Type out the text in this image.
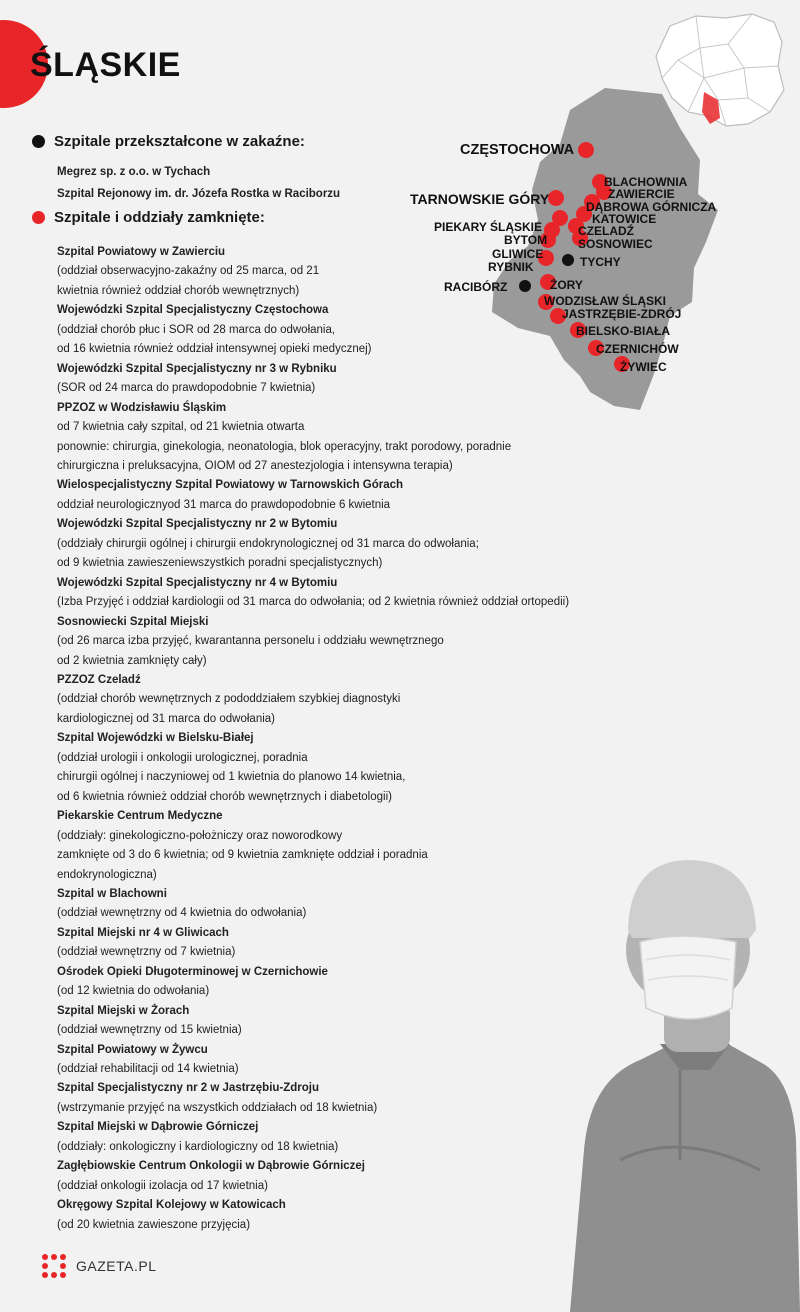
ŚLĄSKIE
CZĘSTOCHOWA
BLACHOWNIA
ZAWIERCIE
DĄBROWA GÓRNICZA
TARNOWSKIE GÓRY
KATOWICE
PIEKARY ŚLĄSKIE	CZELADŹ
BYTOM	SOSNOWIEC
GLIWICE
RYBNIK	TYCHY
RACIBÓRZ	ŻORY
WODZISŁAW ŚLĄSKI
JASTRZĘBIE-ZDRÓJ
BIELSKO-BIAŁA
CZERNICHÓW
ŻYWIEC
Szpitale przekształcone w zakaźne:
Megrez sp. z o.o. w Tychach
Szpital Rejonowy im. dr. Józefa Rostka w Raciborzu
Szpitale i oddziały zamknięte:
Szpital Powiatowy w Zawierciu
(oddział obserwacyjno-zakaźny od 25 marca, od 21
kwietnia również oddział chorób wewnętrznych)
Wojewódzki Szpital Specjalistyczny Częstochowa
(oddział chorób płuc i SOR od 28 marca do odwołania,
od 16 kwietnia również oddział intensywnej opieki medycznej)
Wojewódzki Szpital Specjalistyczny nr 3 w Rybniku
(SOR od 24 marca do prawdopodobnie 7 kwietnia)
PPZOZ w Wodzisławiu Śląskim
od 7 kwietnia cały szpital, od 21 kwietnia otwarta
ponownie: chirurgia, ginekologia, neonatologia, blok operacyjny, trakt porodowy, poradnie
chirurgiczna i preluksacyjna, OIOM od 27 anestezjologia i intensywna terapia)
Wielospecjalistyczny Szpital Powiatowy w Tarnowskich Górach
oddział neurologicznyod 31 marca do prawdopodobnie 6 kwietnia
Wojewódzki Szpital Specjalistyczny nr 2 w Bytomiu
(oddziały chirurgii ogólnej i chirurgii endokrynologicznej od 31 marca do odwołania;
od 9 kwietnia zawieszeniewszystkich poradni specjalistycznych)
Wojewódzki Szpital Specjalistyczny nr 4 w Bytomiu
(Izba Przyjęć i oddział kardiologii od 31 marca do odwołania; od 2 kwietnia również oddział ortopedii)
Sosnowiecki Szpital Miejski
(od 26 marca izba przyjęć, kwarantanna personelu i oddziału wewnętrznego
od 2 kwietnia zamknięty cały)
PZZOZ Czeladź
(oddział chorób wewnętrznych z pododdziałem szybkiej diagnostyki
kardiologicznej od 31 marca do odwołania)
Szpital Wojewódzki w Bielsku-Białej
(oddział urologii i onkologii urologicznej, poradnia
chirurgii ogólnej i naczyniowej od 1 kwietnia do planowo 14 kwietnia,
od 6 kwietnia również oddział chorób wewnętrznych i diabetologii)
Piekarskie Centrum Medyczne
(oddziały: ginekologiczno-położniczy oraz noworodkowy
zamknięte od 3 do 6 kwietnia; od 9 kwietnia zamknięte oddział i poradnia
endokrynologiczna)
Szpital w Blachowni
(oddział wewnętrzny od 4 kwietnia do odwołania)
Szpital Miejski nr 4 w Gliwicach
(oddział wewnętrzny od 7 kwietnia)
Ośrodek Opieki Długoterminowej w Czernichowie
(od 12 kwietnia do odwołania)
Szpital Miejski w Żorach
(oddział wewnętrzny od 15 kwietnia)
Szpital Powiatowy w Żywcu
(oddział rehabilitacji od 14 kwietnia)
Szpital Specjalistyczny nr 2 w Jastrzębiu-Zdroju
(wstrzymanie przyjęć na wszystkich oddziałach od 18 kwietnia)
Szpital Miejski w Dąbrowie Górniczej
(oddziały: onkologiczny i kardiologiczny od 18 kwietnia)
Zagłębiowskie Centrum Onkologii w Dąbrowie Górniczej
(oddział onkologii izolacja od 17 kwietnia)
Okręgowy Szpital Kolejowy w Katowicach
(od 20 kwietnia zawieszone przyjęcia)
GAZETA.PL
